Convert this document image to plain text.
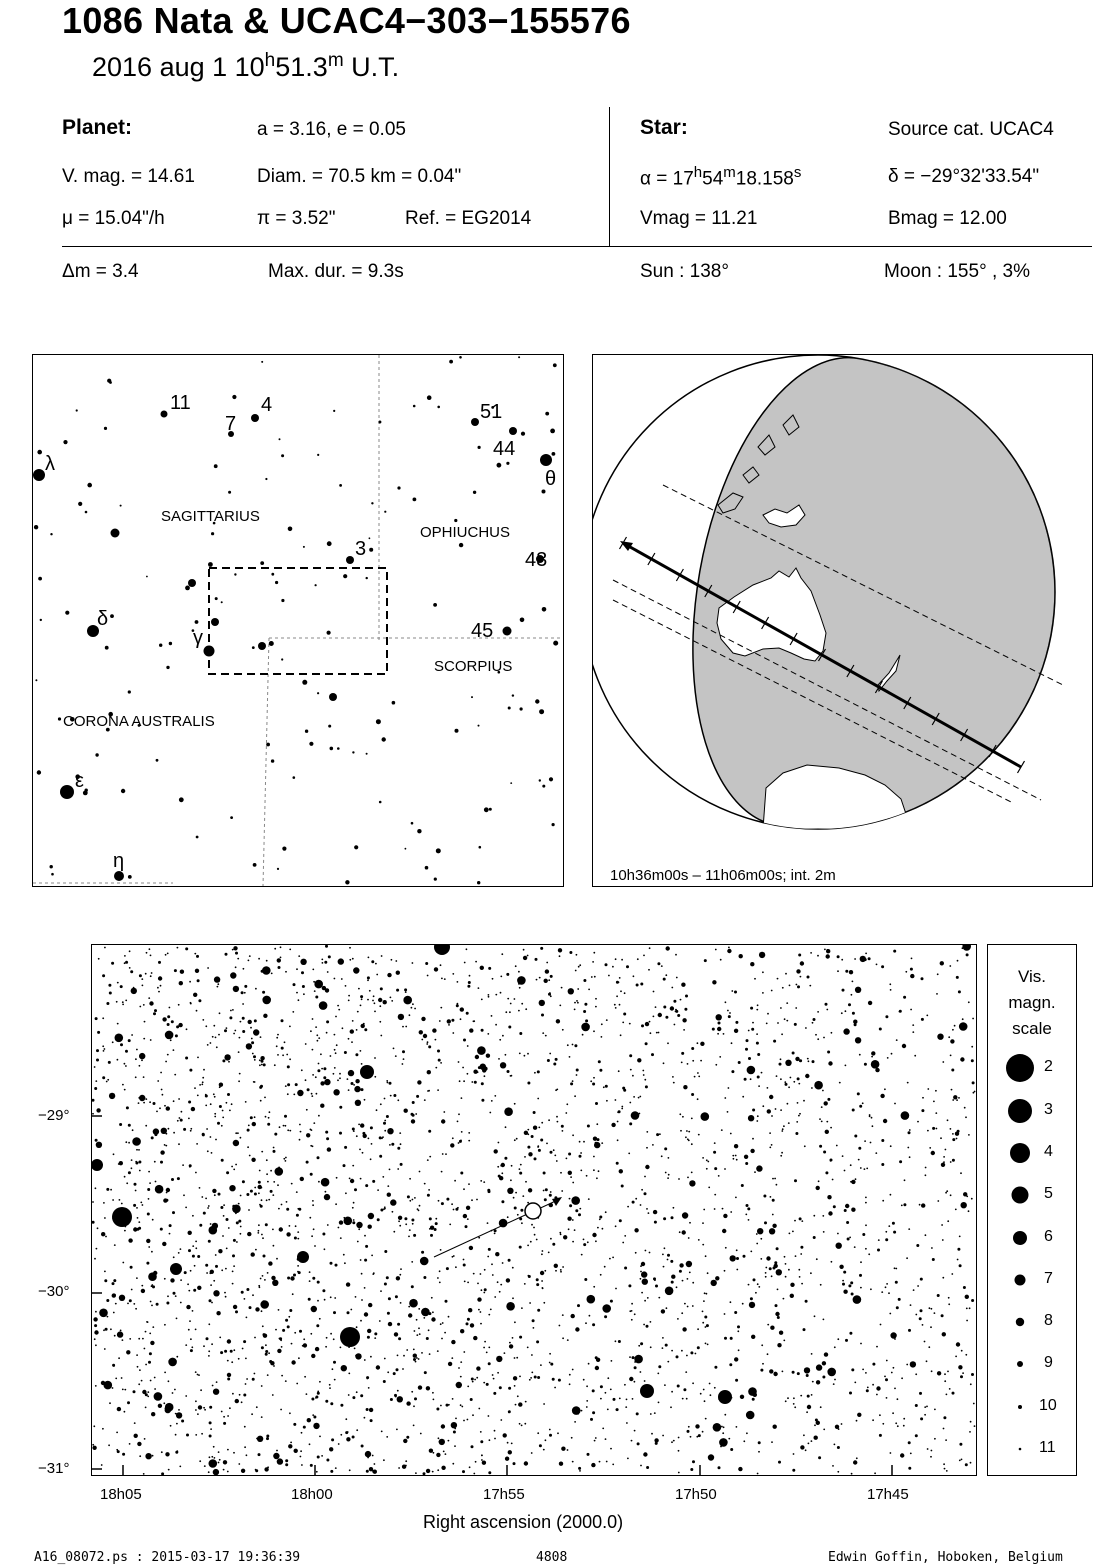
1086 Nata & UCAC4−303−155576
2016 aug 1 10$^h$51.3$^m$ U.T.
Planet:	a = 3.16, e = 0.05
V. mag. = 14.61	Diam. = 70.5 km = 0.04"
μ = 15.04"/h	π = 3.52"	Ref. = EG2014
Star:	Source cat. UCAC4
$\alpha = 17^h54^m18.158^s$	δ = −29°32'33.54"
Vmag = 11.21	Bmag = 12.00
Δm = 3.4	Max. dur. = 9.3s	Sun : 138°	Moon : 155° , 3%
SAGITTARIUS
OPHIUCHUS
SCORPIUS
CORONA AUSTRALIS
11
7
4	51
44
θ
λ
3	43
δ
γ	45
ε
η
10h36m00s – 11h06m00s; int. 2m
−29°
−30°
−31°
18h05	18h00	17h55	17h50	17h45
Right ascension (2000.0)
Vis.
magn.
scale
2
3
4
5
6
7
8
9
10
11
A16_08072.ps : 2015-03-17 19:36:39	4808	Edwin Goffin, Hoboken, Belgium
